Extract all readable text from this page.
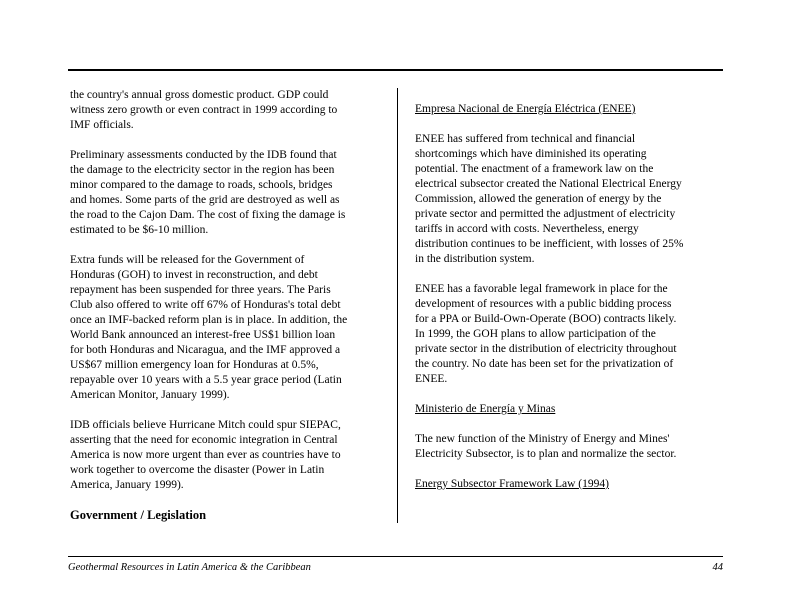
the country's annual gross domestic product. GDP could witness zero growth or even contract in 1999 according to IMF officials.

Preliminary assessments conducted by the IDB found that the damage to the electricity sector in the region has been minor compared to the damage to roads, schools, bridges and homes. Some parts of the grid are destroyed as well as the road to the Cajon Dam. The cost of fixing the damage is estimated to be $6-10 million.

Extra funds will be released for the Government of Honduras (GOH) to invest in reconstruction, and debt repayment has been suspended for three years. The Paris Club also offered to write off 67% of Honduras's total debt once an IMF-backed reform plan is in place. In addition, the World Bank announced an interest-free US$1 billion loan for both Honduras and Nicaragua, and the IMF approved a US$67 million emergency loan for Honduras at 0.5%, repayable over 10 years with a 5.5 year grace period (Latin American Monitor, January 1999).

IDB officials believe Hurricane Mitch could spur SIEPAC, asserting that the need for economic integration in Central America is now more urgent than ever as countries have to work together to overcome the disaster (Power in Latin America, January 1999).

Government / Legislation
Empresa Nacional de Energía Eléctrica (ENEE)

ENEE has suffered from technical and financial shortcomings which have diminished its operating potential. The enactment of a framework law on the electrical subsector created the National Electrical Energy Commission, allowed the generation of energy by the private sector and permitted the adjustment of electricity tariffs in accord with costs. Nevertheless, energy distribution continues to be inefficient, with losses of 25% in the distribution system.

ENEE has a favorable legal framework in place for the development of resources with a public bidding process for a PPA or Build-Own-Operate (BOO) contracts likely. In 1999, the GOH plans to allow participation of the private sector in the distribution of electricity throughout the country. No date has been set for the privatization of ENEE.

Ministerio de Energía y Minas

The new function of the Ministry of Energy and Mines' Electricity Subsector, is to plan and normalize the sector.

Energy Subsector Framework Law (1994)
Geothermal Resources in Latin America & the Caribbean	44
